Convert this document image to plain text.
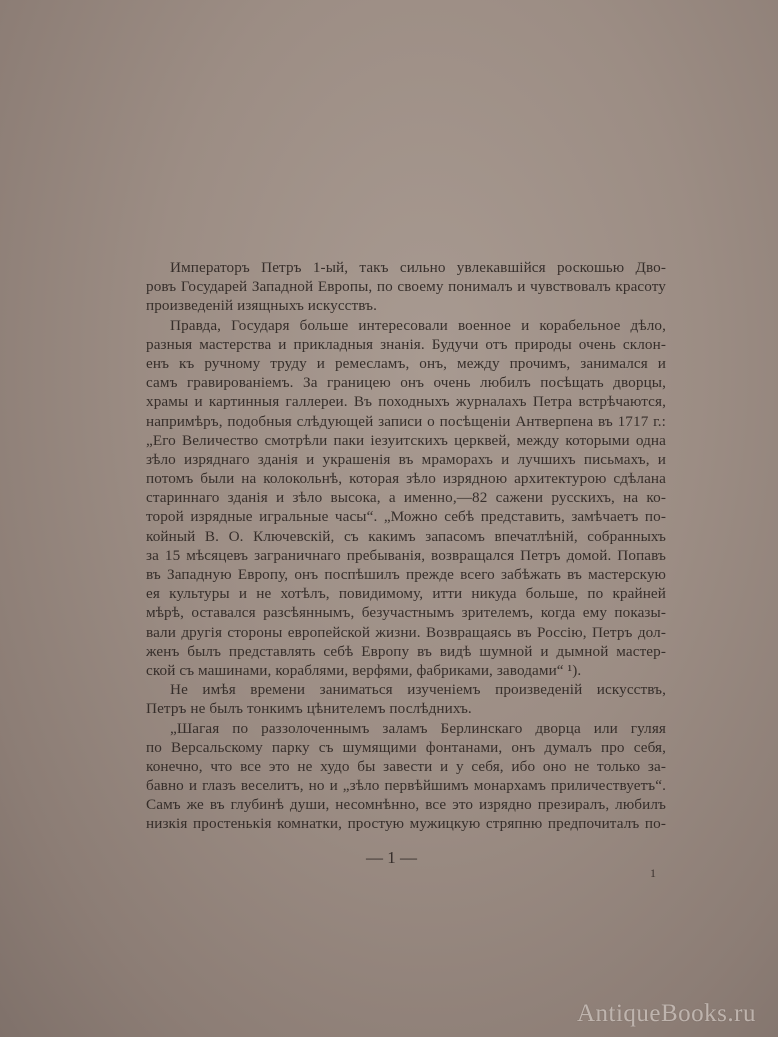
Императоръ Петръ 1-ый, такъ сильно увлекавшійся роскошью Дво-
ровъ Государей Западной Европы, по своему понималъ и чувствовалъ красоту
произведеній изящныхъ искусствъ.
Правда, Государя больше интересовали военное и корабельное дѣло,
разныя мастерства и прикладныя знанія. Будучи отъ природы очень склон-
енъ къ ручному труду и ремесламъ, онъ, между прочимъ, занимался и
самъ гравированіемъ. За границею онъ очень любилъ посѣщать дворцы,
храмы и картинныя галлереи. Въ походныхъ журналахъ Петра встрѣчаются,
напримѣръ, подобныя слѣдующей записи о посѣщеніи Антверпена въ 1717 г.:
„Его Величество смотрѣли паки іезуитскихъ церквей, между которыми одна
зѣло изряднаго зданія и украшенія въ мраморахъ и лучшихъ письмахъ, и
потомъ были на колокольнѣ, которая зѣло изрядною архитектурою сдѣлана
стариннаго зданія и зѣло высока, а именно,—82 сажени русскихъ, на ко-
торой изрядные игральные часы“. „Можно себѣ представить, замѣчаетъ по-
койный В. О. Ключевскій, съ какимъ запасомъ впечатлѣній, собранныхъ
за 15 мѣсяцевъ заграничнаго пребыванія, возвращался Петръ домой. Попавъ
въ Западную Европу, онъ поспѣшилъ прежде всего забѣжать въ мастерскую
ея культуры и не хотѣлъ, повидимому, итти никуда больше, по крайней
мѣрѣ, оставался разсѣяннымъ, безучастнымъ зрителемъ, когда ему показы-
вали другія стороны европейской жизни. Возвращаясь въ Россію, Петръ дол-
женъ былъ представлять себѣ Европу въ видѣ шумной и дымной мастер-
ской съ машинами, кораблями, верфями, фабриками, заводами“ ¹).
Не имѣя времени заниматься изученіемъ произведеній искусствъ,
Петръ не былъ тонкимъ цѣнителемъ послѣднихъ.
„Шагая по раззолоченнымъ заламъ Берлинскаго дворца или гуляя
по Версальскому парку съ шумящими фонтанами, онъ думалъ про себя,
конечно, что все это не худо бы завести и у себя, ибо оно не только за-
бавно и глазъ веселитъ, но и „зѣло первѣйшимъ монархамъ приличествуетъ“.
Самъ же въ глубинѣ души, несомнѣнно, все это изрядно презиралъ, любилъ
низкія простенькія комнатки, простую мужицкую стряпню предпочиталъ по-
— 1 —
1
AntiqueBooks.ru
